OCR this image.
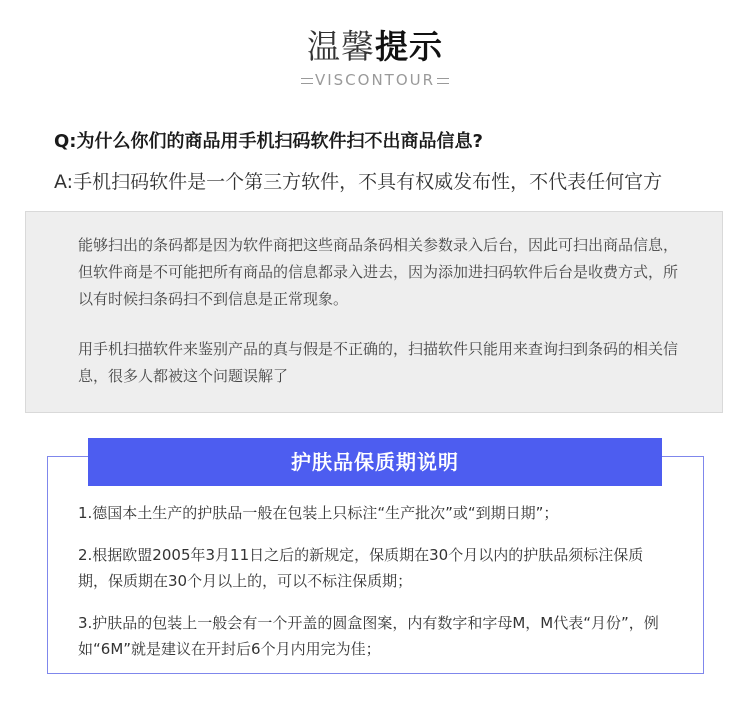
温馨提示
VISCONTOUR
Q:为什么你们的商品用手机扫码软件扫不出商品信息?
A:手机扫码软件是一个第三方软件，不具有权威发布性，不代表任何官方

能够扫出的条码都是因为软件商把这些商品条码相关参数录入后台，因此可扫出商品信息，但软件商是不可能把所有商品的信息都录入进去，因为添加进扫码软件后台是收费方式，所以有时候扫条码扫不到信息是正常现象。

用手机扫描软件来鉴别产品的真与假是不正确的，扫描软件只能用来查询扫到条码的相关信息，很多人都被这个问题误解了

护肤品保质期说明

1.德国本土生产的护肤品一般在包装上只标注“生产批次”或“到期日期”；

2.根据欧盟2005年3月11日之后的新规定，保质期在30个月以内的护肤品须标注保质期，保质期在30个月以上的，可以不标注保质期；

3.护肤品的包装上一般会有一个开盖的圆盒图案，内有数字和字母M，M代表“月份”，例如“6M”就是建议在开封后6个月内用完为佳；
